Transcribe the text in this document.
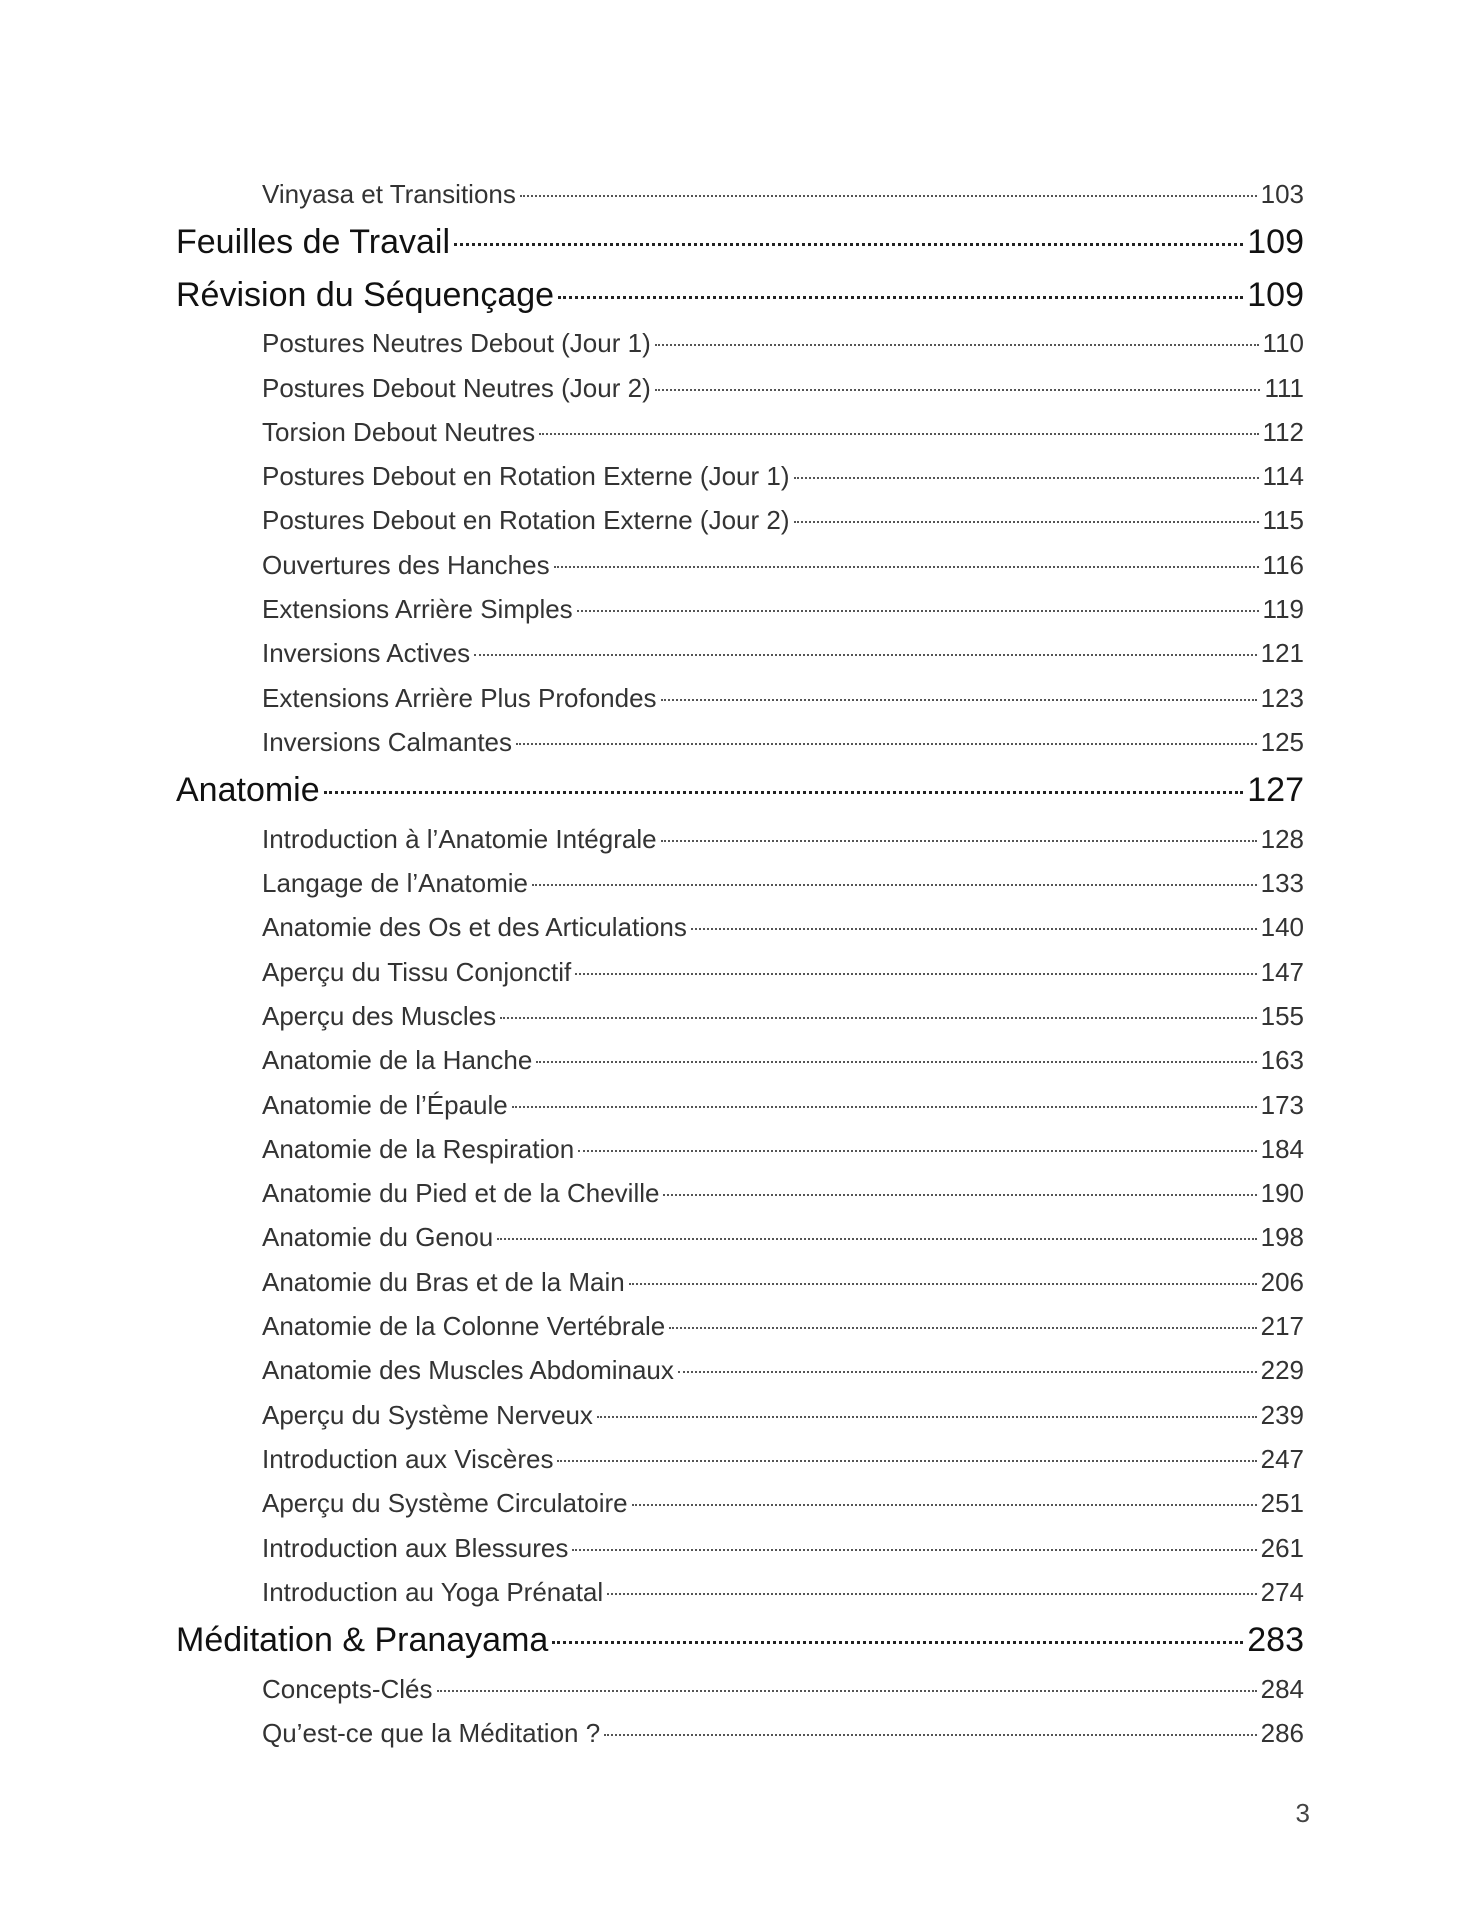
Vinyasa et Transitions	103
Feuilles de Travail	109
Révision du Séquençage	109
Postures Neutres Debout (Jour 1)	110
Postures Debout Neutres (Jour 2)	111
Torsion Debout Neutres	112
Postures Debout en Rotation Externe (Jour 1)	114
Postures Debout en Rotation Externe (Jour 2)	115
Ouvertures des Hanches	116
Extensions Arrière Simples	119
Inversions Actives	121
Extensions Arrière Plus Profondes	123
Inversions Calmantes	125
Anatomie	127
Introduction à l’Anatomie Intégrale	128
Langage de l’Anatomie	133
Anatomie des Os et des Articulations	140
Aperçu du Tissu Conjonctif	147
Aperçu des Muscles	155
Anatomie de la Hanche	163
Anatomie de l’Épaule	173
Anatomie de la Respiration	184
Anatomie du Pied et de la Cheville	190
Anatomie du Genou	198
Anatomie du Bras et de la Main	206
Anatomie de la Colonne Vertébrale	217
Anatomie des Muscles Abdominaux	229
Aperçu du Système Nerveux	239
Introduction aux Viscères	247
Aperçu du Système Circulatoire	251
Introduction aux Blessures	261
Introduction au Yoga Prénatal	274
Méditation & Pranayama	283
Concepts-Clés	284
Qu’est-ce que la Méditation ?	286
3
